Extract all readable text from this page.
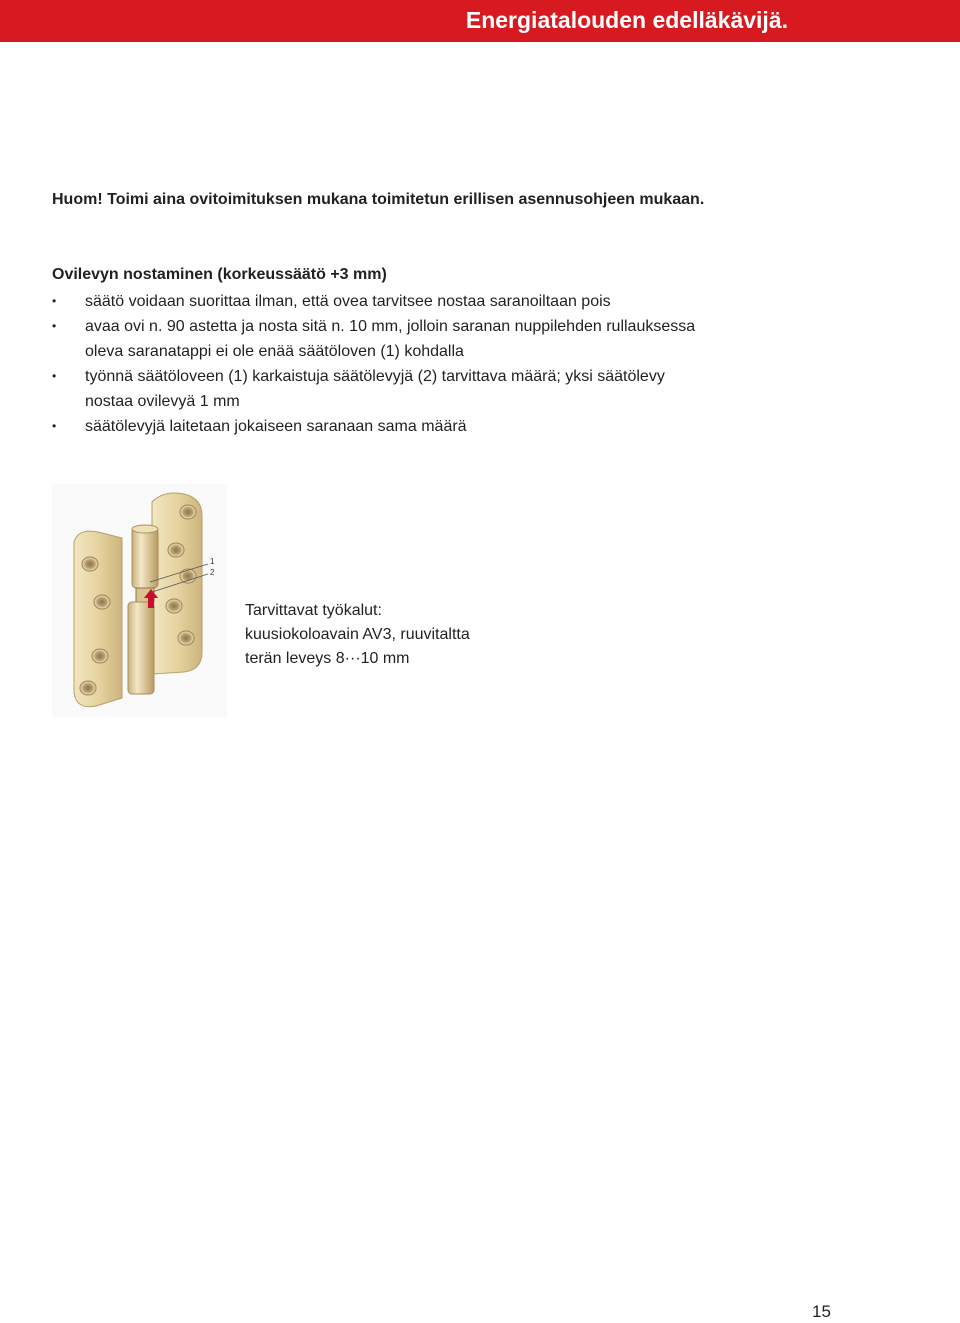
Energiatalouden edelläkävijä.
Huom! Toimi aina ovitoimituksen mukana toimitetun erillisen asennusohjeen mukaan.
Ovilevyn nostaminen (korkeussäätö +3 mm)
• säätö voidaan suorittaa ilman, että ovea tarvitsee nostaa saranoiltaan pois
• avaa ovi n. 90 astetta ja nosta sitä n. 10 mm, jolloin saranan nuppilehden rullauksessa oleva saranatappi ei ole enää säätöloven (1) kohdalla
• työnnä säätöloveen (1) karkaistuja säätölevyjä (2) tarvittava määrä; yksi säätölevy nostaa ovilevyä 1 mm
• säätölevyjä laitetaan jokaiseen saranaan sama määrä
1
2
Tarvittavat työkalut:
kuusiokoloavain AV3, ruuvitaltta
terän leveys 8···10 mm
15
